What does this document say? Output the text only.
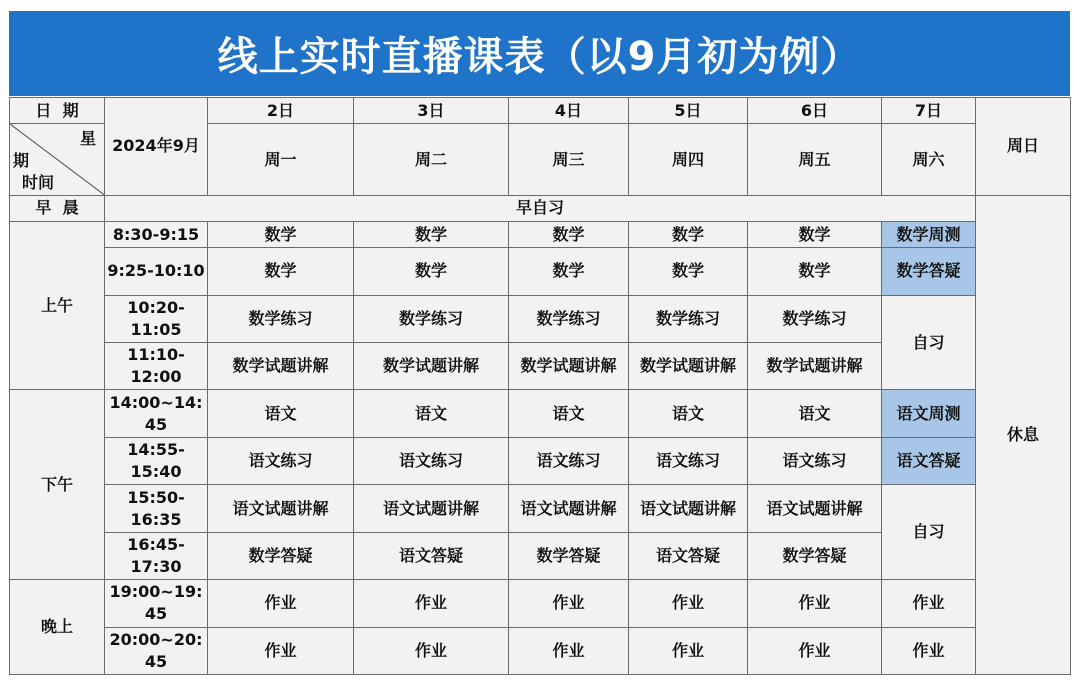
线上实时直播课表（以9月初为例）
日  期	2024年9月	2日	3日	4日	5日	6日	7日	周日

星
期
时间		周一	周二	周三	周四	周五	周六	
早  晨	早自习							休息
上午	8:30-9:15	数学	数学	数学	数学	数学	数学周测	
	9:25-10:10	数学	数学	数学	数学	数学	数学答疑	
	10:20-
11:05	数学练习	数学练习	数学练习	数学练习	数学练习	自习	
	11:10-
12:00	数学试题讲解	数学试题讲解	数学试题讲解	数学试题讲解	数学试题讲解		
下午	14:00~14:
45	语文	语文	语文	语文	语文	语文周测	
	14:55-
15:40	语文练习	语文练习	语文练习	语文练习	语文练习	语文答疑	
	15:50-
16:35	语文试题讲解	语文试题讲解	语文试题讲解	语文试题讲解	语文试题讲解	自习	
	16:45-
17:30	数学答疑	语文答疑	数学答疑	语文答疑	数学答疑		
晚上	19:00~19:
45	作业	作业	作业	作业	作业	作业	
	20:00~20:
45	作业	作业	作业	作业	作业	作业	
